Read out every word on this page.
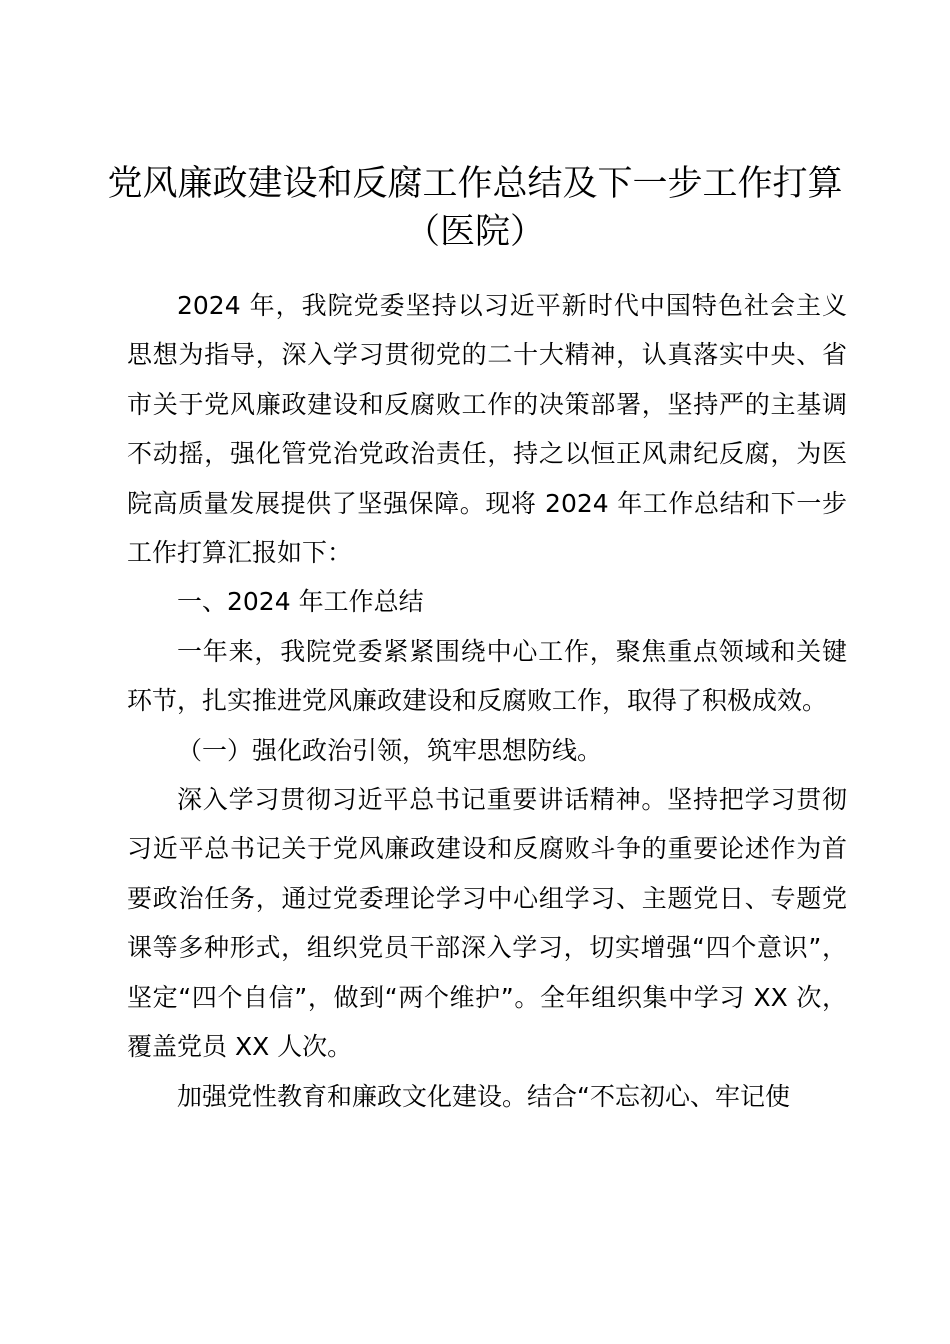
党风廉政建设和反腐工作总结及下一步工作打算（医院）

2024 年，我院党委坚持以习近平新时代中国特色社会主义思想为指导，深入学习贯彻党的二十大精神，认真落实中央、省市关于党风廉政建设和反腐败工作的决策部署，坚持严的主基调不动摇，强化管党治党政治责任，持之以恒正风肃纪反腐，为医院高质量发展提供了坚强保障。现将 2024 年工作总结和下一步工作打算汇报如下：

一、2024 年工作总结

一年来，我院党委紧紧围绕中心工作，聚焦重点领域和关键环节，扎实推进党风廉政建设和反腐败工作，取得了积极成效。

（一）强化政治引领，筑牢思想防线。

深入学习贯彻习近平总书记重要讲话精神。坚持把学习贯彻习近平总书记关于党风廉政建设和反腐败斗争的重要论述作为首要政治任务，通过党委理论学习中心组学习、主题党日、专题党课等多种形式，组织党员干部深入学习，切实增强“四个意识”，坚定“四个自信”，做到“两个维护”。全年组织集中学习 XX 次，覆盖党员 XX 人次。

加强党性教育和廉政文化建设。结合“不忘初心、牢记使
